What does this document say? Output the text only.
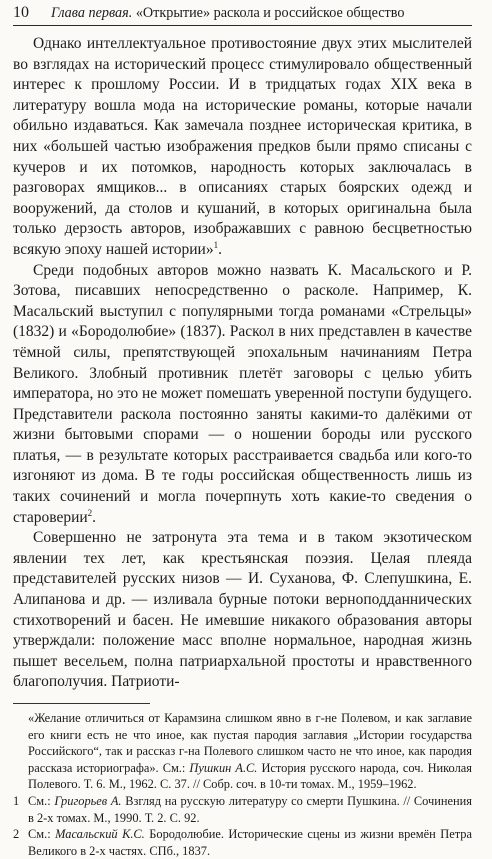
10	Глава первая. «Открытие» раскола и российское общество

Однако интеллектуальное противостояние двух этих мыслителей во взглядах на исторический процесс стимулировало общественный интерес к прошлому России. И в тридцатых годах XIX века в литературу вошла мода на исторические романы, которые начали обильно издаваться. Как замечала позднее историческая критика, в них «большей частью изображения предков были прямо списаны с кучеров и их потомков, народность которых заключалась в разговорах ямщиков... в описаниях старых боярских одежд и вооружений, да столов и кушаний, в которых оригинальна была только дерзость авторов, изображавших с равною бесцветностью всякую эпоху нашей истории»$^1$.

Среди подобных авторов можно назвать К. Масальского и Р. Зотова, писавших непосредственно о расколе. Например, К. Масальский выступил с популярными тогда романами «Стрельцы» (1832) и «Бородолюбие» (1837). Раскол в них представлен в качестве тёмной силы, препятствующей эпохальным начинаниям Петра Великого. Злобный противник плетёт заговоры с целью убить императора, но это не может помешать уверенной поступи будущего. Представители раскола постоянно заняты какими-то далёкими от жизни бытовыми спорами — о ношении бороды или русского платья, — в результате которых расстраивается свадьба или кого-то изгоняют из дома. В те годы российская общественность лишь из таких сочинений и могла почерпнуть хоть какие-то сведения о староверии$^2$.

Совершенно не затронута эта тема и в таком экзотическом явлении тех лет, как крестьянская поэзия. Целая плеяда представителей русских низов — И. Суханова, Ф. Слепушкина, Е. Алипанова и др. — изливала бурные потоки верноподданнических стихотворений и басен. Не имевшие никакого образования авторы утверждали: положение масс вполне нормальное, народная жизнь пышет весельем, полна патриархальной простоты и нравственного благополучия. Патриоти-

«Желание отличиться от Карамзина слишком явно в г-не Полевом, и как заглавие его книги есть не что иное, как пустая пародия заглавия „Истории государства Российского“, так и рассказ г-на Полевого слишком часто не что иное, как пародия рассказа историографа». См.: Пушкин А.С. История русского народа, соч. Николая Полевого. Т. 6. М., 1962. С. 37. // Собр. соч. в 10-ти томах. М., 1959–1962.

1 См.: Григорьев А. Взгляд на русскую литературу со смерти Пушкина. // Сочинения в 2-х томах. М., 1990. Т. 2. С. 92.

2 См.: Масальский К.С. Бородолюбие. Исторические сцены из жизни времён Петра Великого в 2-х частях. СПб., 1837.
